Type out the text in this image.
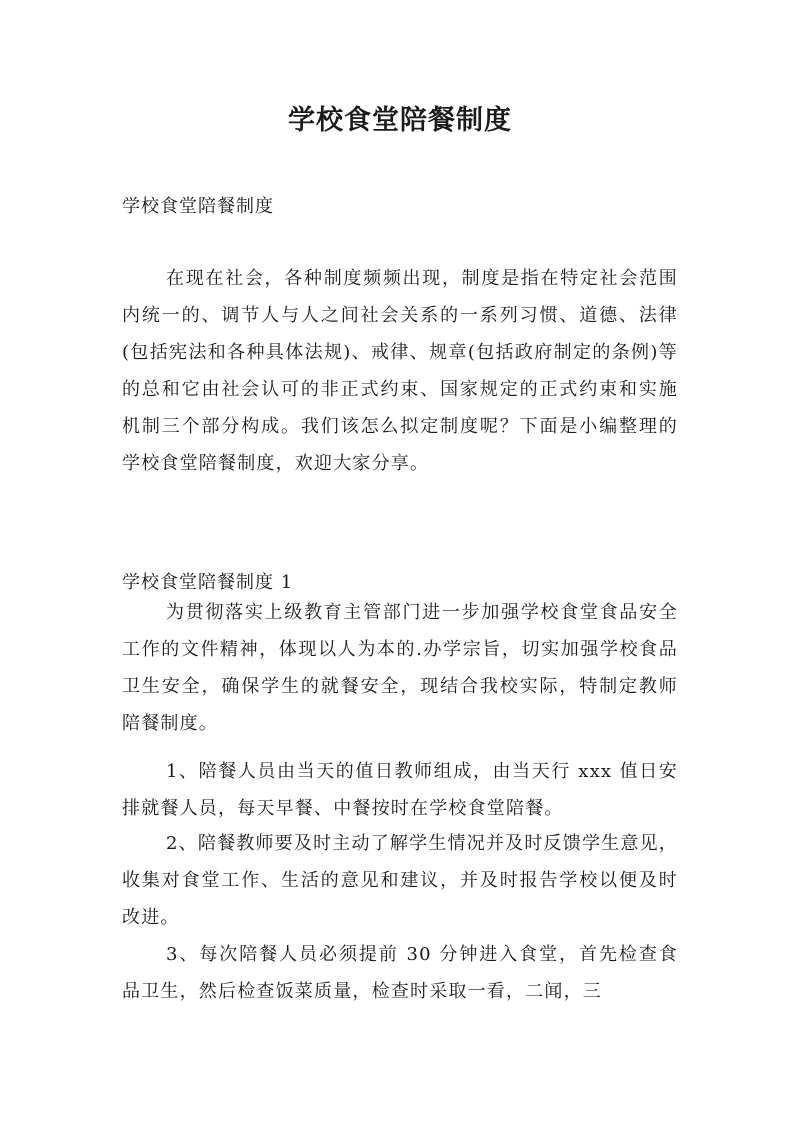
学校食堂陪餐制度

学校食堂陪餐制度

在现在社会，各种制度频频出现，制度是指在特定社会范围内统一的、调节人与人之间社会关系的一系列习惯、道德、法律(包括宪法和各种具体法规)、戒律、规章(包括政府制定的条例)等的总和它由社会认可的非正式约束、国家规定的正式约束和实施机制三个部分构成。我们该怎么拟定制度呢？下面是小编整理的学校食堂陪餐制度，欢迎大家分享。

学校食堂陪餐制度 1

为贯彻落实上级教育主管部门进一步加强学校食堂食品安全工作的文件精神，体现以人为本的.办学宗旨，切实加强学校食品卫生安全，确保学生的就餐安全，现结合我校实际，特制定教师陪餐制度。

1、陪餐人员由当天的值日教师组成，由当天行 xxx 值日安排就餐人员，每天早餐、中餐按时在学校食堂陪餐。

2、陪餐教师要及时主动了解学生情况并及时反馈学生意见，收集对食堂工作、生活的意见和建议，并及时报告学校以便及时改进。

3、每次陪餐人员必须提前 30 分钟进入食堂，首先检查食品卫生，然后检查饭菜质量，检查时采取一看，二闻，三
